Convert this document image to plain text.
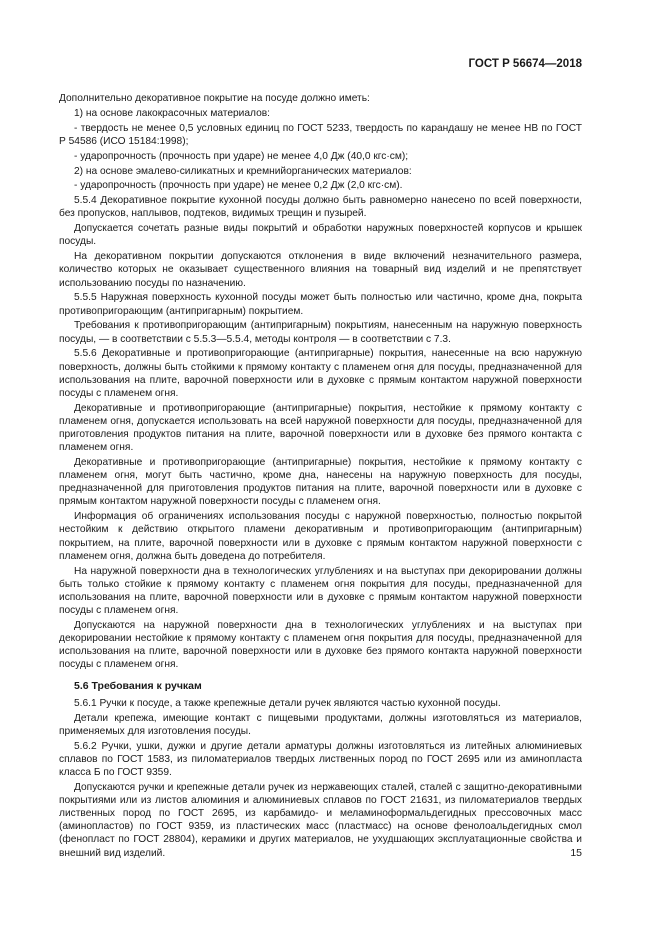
ГОСТ Р 56674—2018

Дополнительно декоративное покрытие на посуде должно иметь:

1) на основе лакокрасочных материалов:

- твердость не менее 0,5 условных единиц по ГОСТ 5233, твердость по карандашу не менее НВ по ГОСТ Р 54586 (ИСО 15184:1998);

- ударопрочность (прочность при ударе) не менее 4,0 Дж (40,0 кгс·см);

2) на основе эмалево-силикатных и кремнийорганических материалов:

- ударопрочность (прочность при ударе) не менее 0,2 Дж (2,0 кгс·см).

5.5.4 Декоративное покрытие кухонной посуды должно быть равномерно нанесено по всей поверхности, без пропусков, наплывов, подтеков, видимых трещин и пузырей.

Допускается сочетать разные виды покрытий и обработки наружных поверхностей корпусов и крышек посуды.

На декоративном покрытии допускаются отклонения в виде включений незначительного размера, количество которых не оказывает существенного влияния на товарный вид изделий и не препятствует использованию посуды по назначению.

5.5.5 Наружная поверхность кухонной посуды может быть полностью или частично, кроме дна, покрыта противопригорающим (антипригарным) покрытием.

Требования к противопригорающим (антипригарным) покрытиям, нанесенным на наружную поверхность посуды, — в соответствии с 5.5.3—5.5.4, методы контроля — в соответствии с 7.3.

5.5.6 Декоративные и противопригорающие (антипригарные) покрытия, нанесенные на всю наружную поверхность, должны быть стойкими к прямому контакту с пламенем огня для посуды, предназначенной для использования на плите, варочной поверхности или в духовке с прямым контактом наружной поверхности посуды с пламенем огня.

Декоративные и противопригорающие (антипригарные) покрытия, нестойкие к прямому контакту с пламенем огня, допускается использовать на всей наружной поверхности для посуды, предназначенной для приготовления продуктов питания на плите, варочной поверхности или в духовке без прямого контакта с пламенем огня.

Декоративные и противопригорающие (антипригарные) покрытия, нестойкие к прямому контакту с пламенем огня, могут быть частично, кроме дна, нанесены на наружную поверхность для посуды, предназначенной для приготовления продуктов питания на плите, варочной поверхности или в духовке с прямым контактом наружной поверхности посуды с пламенем огня.

Информация об ограничениях использования посуды с наружной поверхностью, полностью покрытой нестойким к действию открытого пламени декоративным и противопригорающим (антипригарным) покрытием, на плите, варочной поверхности или в духовке с прямым контактом наружной поверхности с пламенем огня, должна быть доведена до потребителя.

На наружной поверхности дна в технологических углублениях и на выступах при декорировании должны быть только стойкие к прямому контакту с пламенем огня покрытия для посуды, предназначенной для использования на плите, варочной поверхности или в духовке с прямым контактом наружной поверхности посуды с пламенем огня.

Допускаются на наружной поверхности дна в технологических углублениях и на выступах при декорировании нестойкие к прямому контакту с пламенем огня покрытия для посуды, предназначенной для использования на плите, варочной поверхности или в духовке без прямого контакта наружной поверхности посуды с пламенем огня.

5.6 Требования к ручкам

5.6.1 Ручки к посуде, а также крепежные детали ручек являются частью кухонной посуды.

Детали крепежа, имеющие контакт с пищевыми продуктами, должны изготовляться из материалов, применяемых для изготовления посуды.

5.6.2 Ручки, ушки, дужки и другие детали арматуры должны изготовляться из литейных алюминиевых сплавов по ГОСТ 1583, из пиломатериалов твердых лиственных пород по ГОСТ 2695 или из аминопласта класса Б по ГОСТ 9359.

Допускаются ручки и крепежные детали ручек из нержавеющих сталей, сталей с защитно-декоративными покрытиями или из листов алюминия и алюминиевых сплавов по ГОСТ 21631, из пиломатериалов твердых лиственных пород по ГОСТ 2695, из карбамидо- и меламиноформальдегидных прессовочных масс (аминопластов) по ГОСТ 9359, из пластических масс (пластмасс) на основе фенолоальдегидных смол (фенопласт по ГОСТ 28804), керамики и других материалов, не ухудшающих эксплуатационные свойства и внешний вид изделий.	15
